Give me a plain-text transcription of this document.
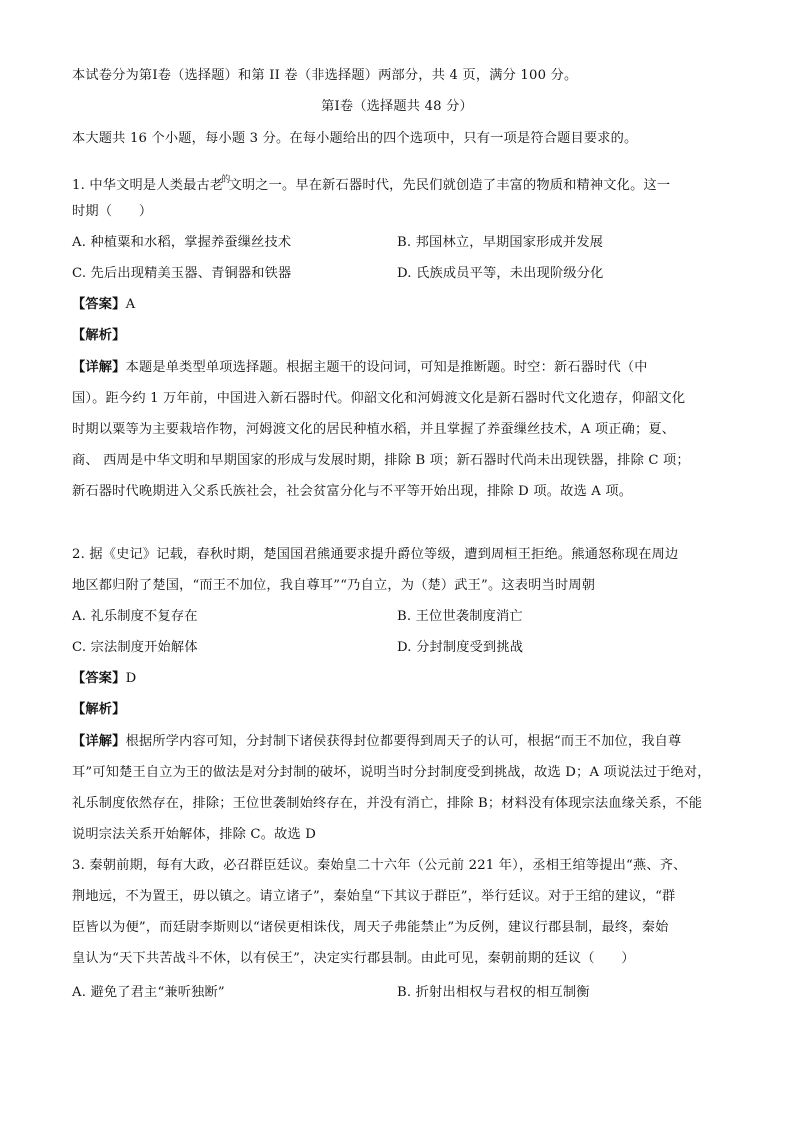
本试卷分为第Ⅰ卷（选择题）和第 II 卷（非选择题）两部分，共 4 页，满分 100 分。
第Ⅰ卷（选择题共 48 分）
本大题共 16 个小题，每小题 3 分。在每小题给出的四个选项中，只有一项是符合题目要求的。
1. 中华文明是人类最古老$^的$文明之一。早在新石器时代，先民们就创造了丰富的物质和精神文化。这一
时期（　　）
A. 种植粟和水稻，掌握养蚕缫丝技术	B. 邦国林立，早期国家形成并发展
C. 先后出现精美玉器、青铜器和铁器	D. 氏族成员平等，未出现阶级分化
【答案】A
【解析】
【详解】本题是单类型单项选择题。根据主题干的设问词，可知是推断题。时空：新石器时代（中
国）。距今约 1 万年前，中国进入新石器时代。仰韶文化和河姆渡文化是新石器时代文化遗存，仰韶文化
时期以粟等为主要栽培作物，河姆渡文化的居民种植水稻，并且掌握了养蚕缫丝技术，A 项正确；夏、
商、 西周是中华文明和早期国家的形成与发展时期，排除 B 项；新石器时代尚未出现铁器，排除 C 项；
新石器时代晚期进入父系氏族社会，社会贫富分化与不平等开始出现，排除 D 项。故选 A 项。
2. 据《史记》记载，春秋时期，楚国国君熊通要求提升爵位等级，遭到周桓王拒绝。熊通怒称现在周边
地区都归附了楚国，“而王不加位，我自尊耳”“乃自立，为（楚）武王”。这表明当时周朝
A. 礼乐制度不复存在	B. 王位世袭制度消亡
C. 宗法制度开始解体	D. 分封制度受到挑战
【答案】D
【解析】
【详解】根据所学内容可知，分封制下诸侯获得封位都要得到周天子的认可，根据“而王不加位，我自尊
耳”可知楚王自立为王的做法是对分封制的破坏，说明当时分封制度受到挑战，故选 D；A 项说法过于绝对，
礼乐制度依然存在，排除；王位世袭制始终存在，并没有消亡，排除 B；材料没有体现宗法血缘关系，不能
说明宗法关系开始解体，排除 C。故选 D
3. 秦朝前期，每有大政，必召群臣廷议。秦始皇二十六年（公元前 221 年），丞相王绾等提出“燕、齐、
荆地远，不为置王，毋以镇之。请立诸子”，秦始皇“下其议于群臣”，举行廷议。对于王绾的建议，“群
臣皆以为便”，而廷尉李斯则以“诸侯更相诛伐，周天子弗能禁止”为反例，建议行郡县制，最终，秦始
皇认为“天下共苦战斗不休，以有侯王”，决定实行郡县制。由此可见，秦朝前期的廷议（　　）
A. 避免了君主“兼听独断”	B. 折射出相权与君权的相互制衡
